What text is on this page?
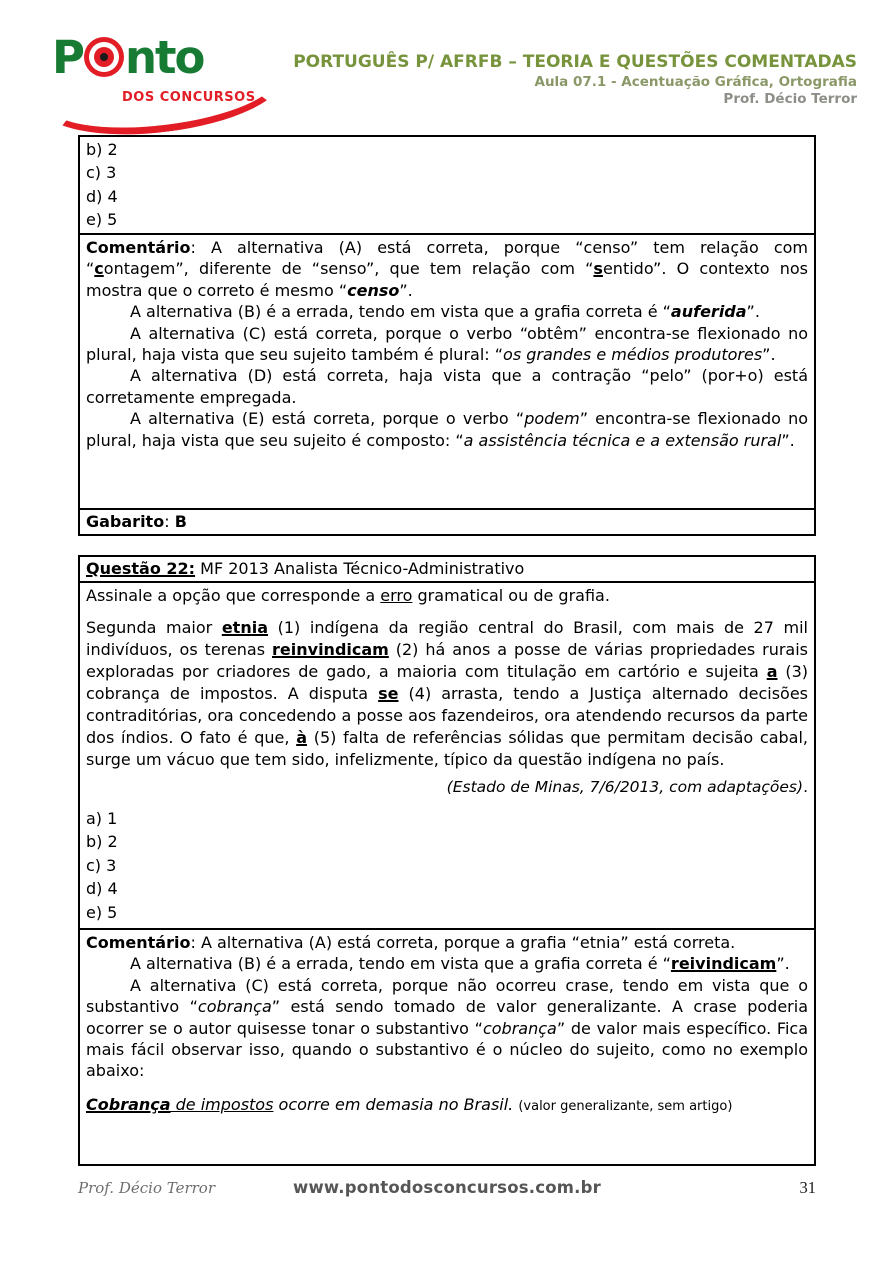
P nto
DOS CONCURSOS
PORTUGUÊS P/ AFRFB – TEORIA E QUESTÕES COMENTADAS
Aula 07.1 - Acentuação Gráfica, Ortografia
Prof. Décio Terror
b) 2
c) 3
d) 4
e) 5

Comentário: A alternativa (A) está correta, porque “censo” tem relação com “contagem”, diferente de “senso”, que tem relação com “sentido”. O contexto nos mostra que o correto é mesmo “censo”.

A alternativa (B) é a errada, tendo em vista que a grafia correta é “auferida”.

A alternativa (C) está correta, porque o verbo “obtêm” encontra-se flexionado no plural, haja vista que seu sujeito também é plural: “os grandes e médios produtores”.

A alternativa (D) está correta, haja vista que a contração “pelo” (por+o) está corretamente empregada.

A alternativa (E) está correta, porque o verbo “podem” encontra-se flexionado no plural, haja vista que seu sujeito é composto: “a assistência técnica e a extensão rural”.

Gabarito: B
Questão 22: MF 2013 Analista Técnico-Administrativo

Assinale a opção que corresponde a erro gramatical ou de grafia.

Segunda maior etnia (1) indígena da região central do Brasil, com mais de 27 mil indivíduos, os terenas reinvindicam (2) há anos a posse de várias propriedades rurais exploradas por criadores de gado, a maioria com titulação em cartório e sujeita a (3) cobrança de impostos. A disputa se (4) arrasta, tendo a Justiça alternado decisões contraditórias, ora concedendo a posse aos fazendeiros, ora atendendo recursos da parte dos índios. O fato é que, à (5) falta de referências sólidas que permitam decisão cabal, surge um vácuo que tem sido, infelizmente, típico da questão indígena no país.

(Estado de Minas, 7/6/2013, com adaptações).

a) 1
b) 2
c) 3
d) 4
e) 5

Comentário: A alternativa (A) está correta, porque a grafia “etnia” está correta.

A alternativa (B) é a errada, tendo em vista que a grafia correta é “reivindicam”.

A alternativa (C) está correta, porque não ocorreu crase, tendo em vista que o substantivo “cobrança” está sendo tomado de valor generalizante. A crase poderia ocorrer se o autor quisesse tonar o substantivo “cobrança” de valor mais específico. Fica mais fácil observar isso, quando o substantivo é o núcleo do sujeito, como no exemplo abaixo:

Cobrança de impostos ocorre em demasia no Brasil. (valor generalizante, sem artigo)

Prof. Décio Terror	www.pontodosconcursos.com.br	31
